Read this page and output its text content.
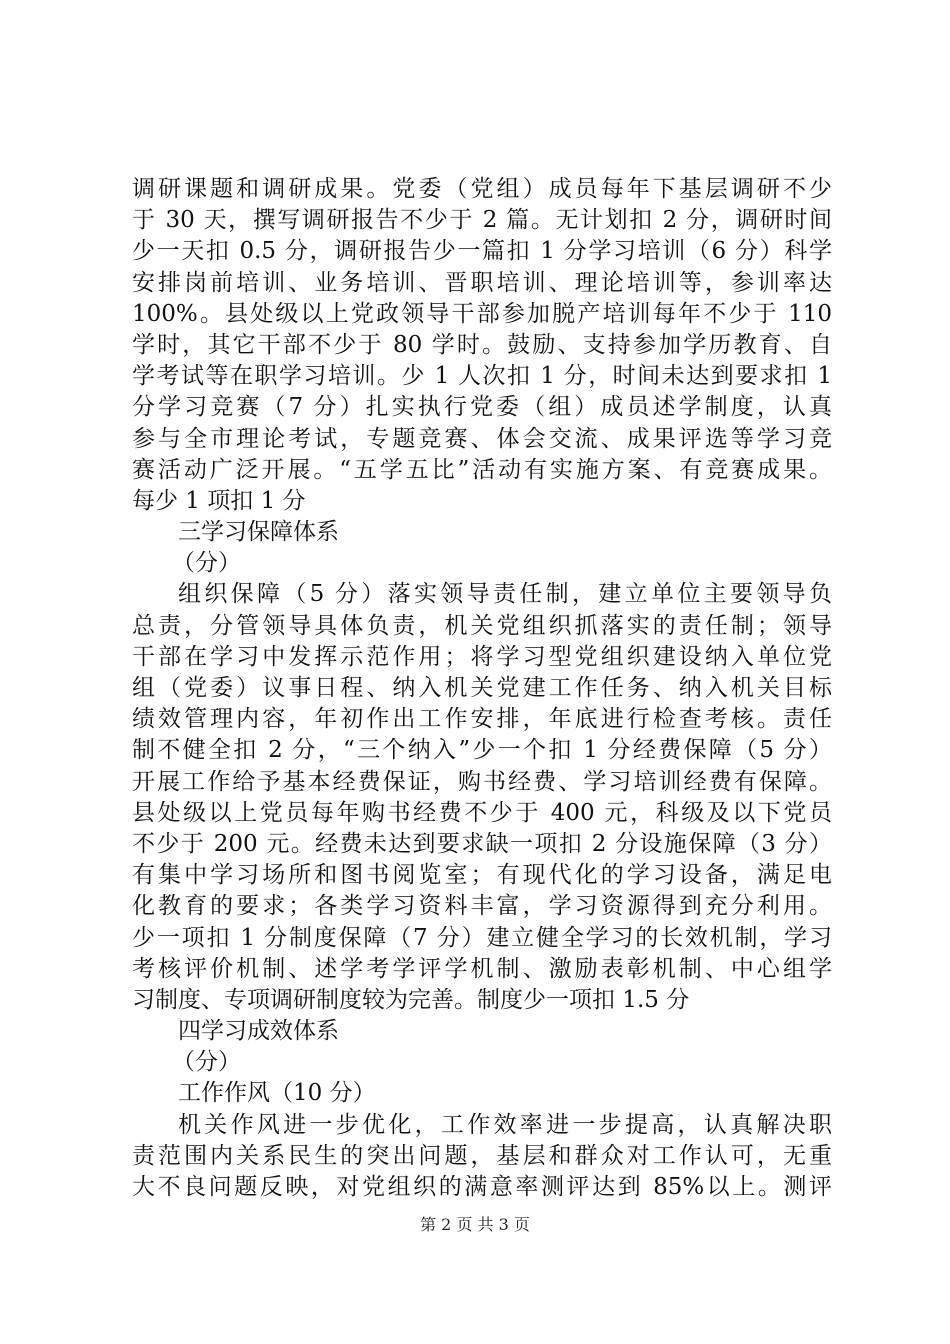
调研课题和调研成果。党委（党组）成员每年下基层调研不少
于 30 天，撰写调研报告不少于 2 篇。无计划扣 2 分，调研时间
少一天扣 0.5 分，调研报告少一篇扣 1 分学习培训（6 分）科学
安排岗前培训、业务培训、晋职培训、理论培训等，参训率达
100%。县处级以上党政领导干部参加脱产培训每年不少于 110
学时，其它干部不少于 80 学时。鼓励、支持参加学历教育、自
学考试等在职学习培训。少 1 人次扣 1 分，时间未达到要求扣 1
分学习竞赛（7 分）扎实执行党委（组）成员述学制度，认真
参与全市理论考试，专题竞赛、体会交流、成果评选等学习竞
赛活动广泛开展。“五学五比”活动有实施方案、有竞赛成果。
每少 1 项扣 1 分
三学习保障体系
（分）
组织保障（5 分）落实领导责任制，建立单位主要领导负
总责，分管领导具体负责，机关党组织抓落实的责任制；领导
干部在学习中发挥示范作用；将学习型党组织建设纳入单位党
组（党委）议事日程、纳入机关党建工作任务、纳入机关目标
绩效管理内容，年初作出工作安排，年底进行检查考核。责任
制不健全扣 2 分，“三个纳入”少一个扣 1 分经费保障（5 分）
开展工作给予基本经费保证，购书经费、学习培训经费有保障。
县处级以上党员每年购书经费不少于 400 元，科级及以下党员
不少于 200 元。经费未达到要求缺一项扣 2 分设施保障（3 分）
有集中学习场所和图书阅览室；有现代化的学习设备，满足电
化教育的要求；各类学习资料丰富，学习资源得到充分利用。
少一项扣 1 分制度保障（7 分）建立健全学习的长效机制，学习
考核评价机制、述学考学评学机制、激励表彰机制、中心组学
习制度、专项调研制度较为完善。制度少一项扣 1.5 分
四学习成效体系
（分）
工作作风（10 分）
机关作风进一步优化，工作效率进一步提高，认真解决职
责范围内关系民生的突出问题，基层和群众对工作认可，无重
大不良问题反映，对党组织的满意率测评达到 85%以上。测评
第 2 页 共 3 页
